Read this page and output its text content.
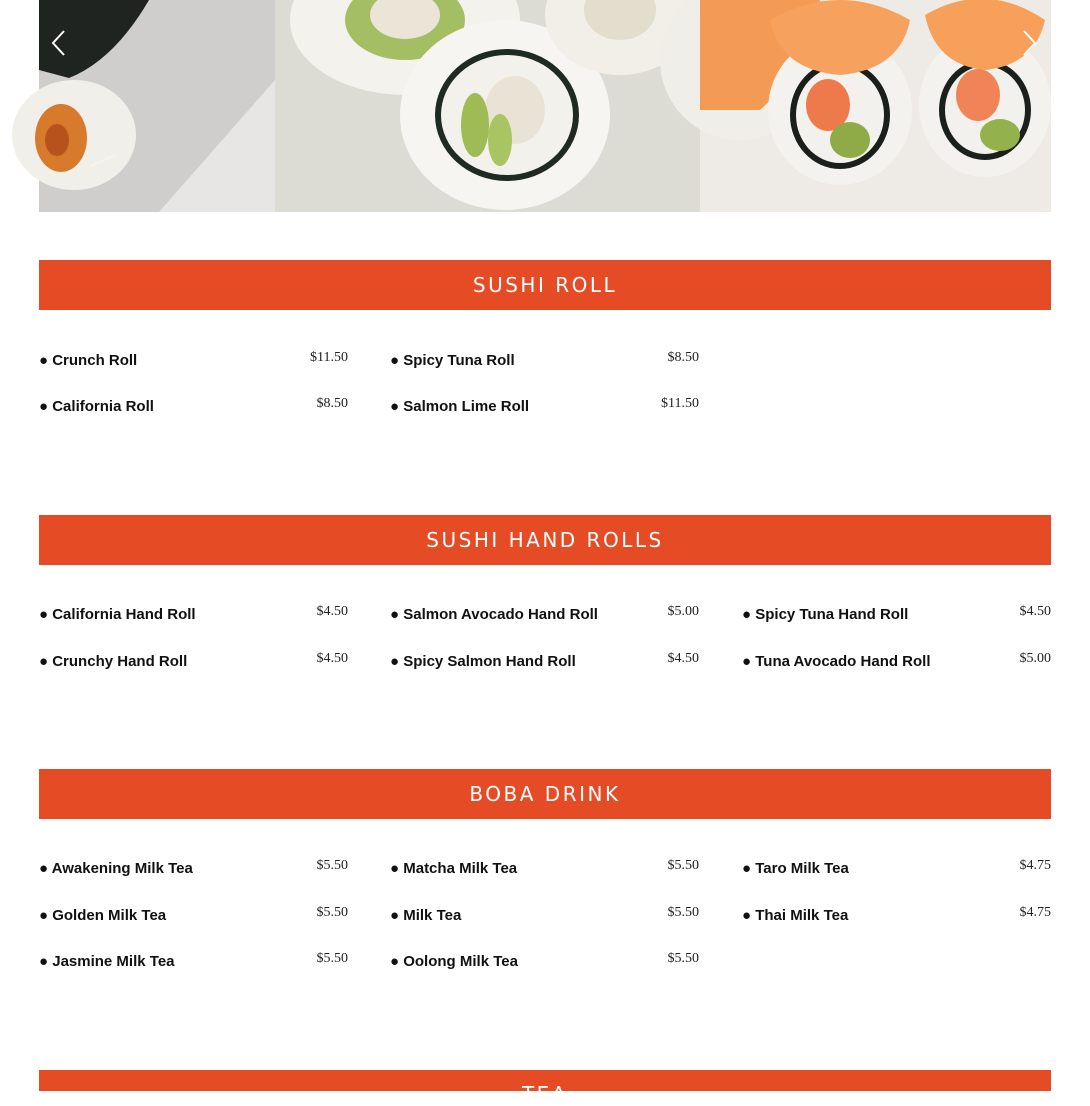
SUSHI ROLL
● Crunch Roll	$11.50	● Spicy Tuna Roll	$8.50
● California Roll	$8.50	● Salmon Lime Roll	$11.50
SUSHI HAND ROLLS
● California Hand Roll	$4.50	● Salmon Avocado Hand Roll	$5.00	● Spicy Tuna Hand Roll	$4.50
● Crunchy Hand Roll	$4.50	● Spicy Salmon Hand Roll	$4.50	● Tuna Avocado Hand Roll	$5.00
BOBA DRINK
● Awakening Milk Tea	$5.50	● Matcha Milk Tea	$5.50	● Taro Milk Tea	$4.75
● Golden Milk Tea	$5.50	● Milk Tea	$5.50	● Thai Milk Tea	$4.75
● Jasmine Milk Tea	$5.50	● Oolong Milk Tea	$5.50
TEA
